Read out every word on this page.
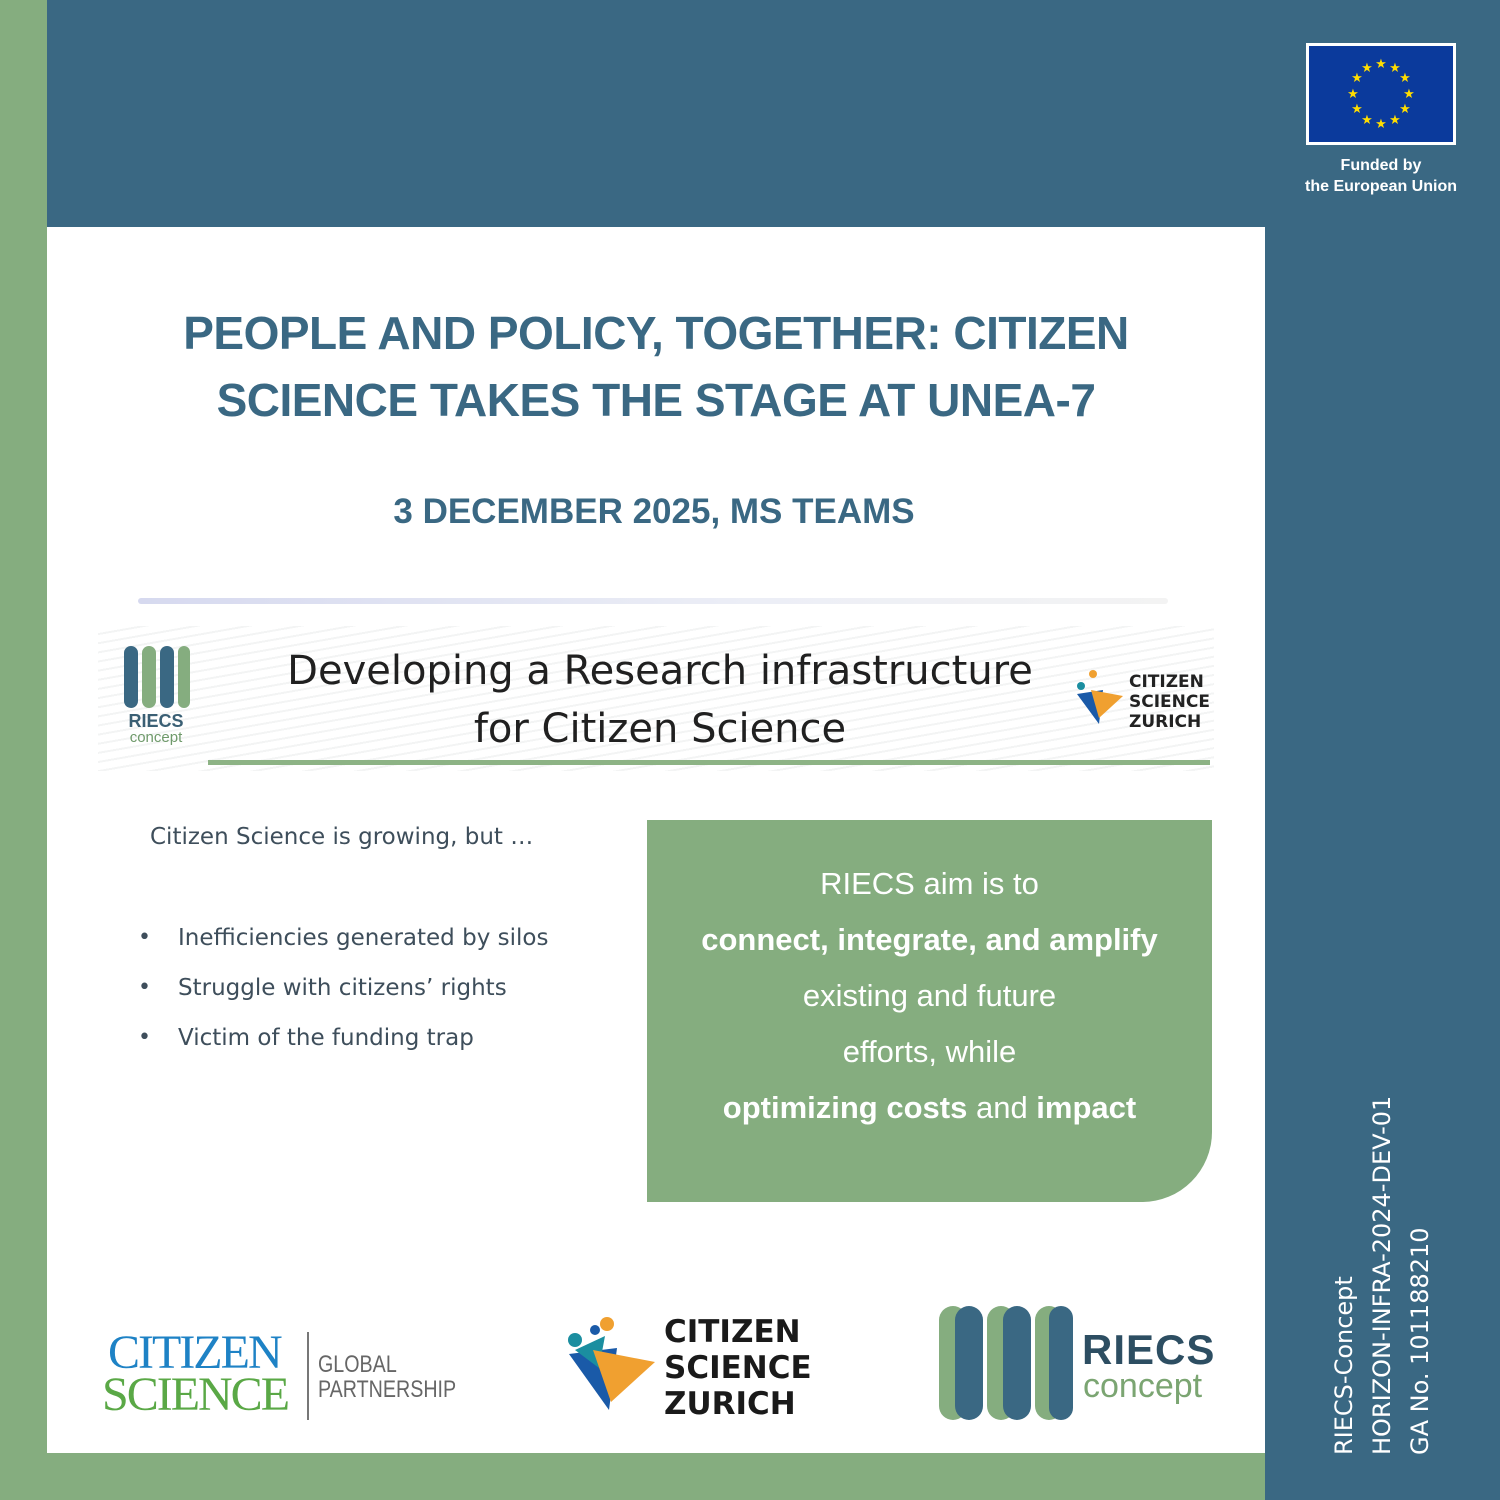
★ ★
★
★
★
★
★
★
★
★
★
★
Funded by
the European Union
PEOPLE AND POLICY, TOGETHER: CITIZEN
SCIENCE TAKES THE STAGE AT UNEA-7
3 DECEMBER 2025, MS TEAMS
RIECS
concept
Developing a Research infrastructure
for Citizen Science
CITIZEN
SCIENCE
ZURICH
Citizen Science is growing, but …
• Inefficiencies generated by silos
• Struggle with citizens’ rights
• Victim of the funding trap
RIECS aim is to
connect, integrate, and amplify
existing and future
efforts, while
optimizing costs and impact
CITIZEN
SCIENCE
GLOBAL
PARTNERSHIP
CITIZEN
SCIENCE
ZURICH
RIECS
concept	RIECS-Concept HORIZON-INFRA-2024-DEV-01 GA No. 101188210
